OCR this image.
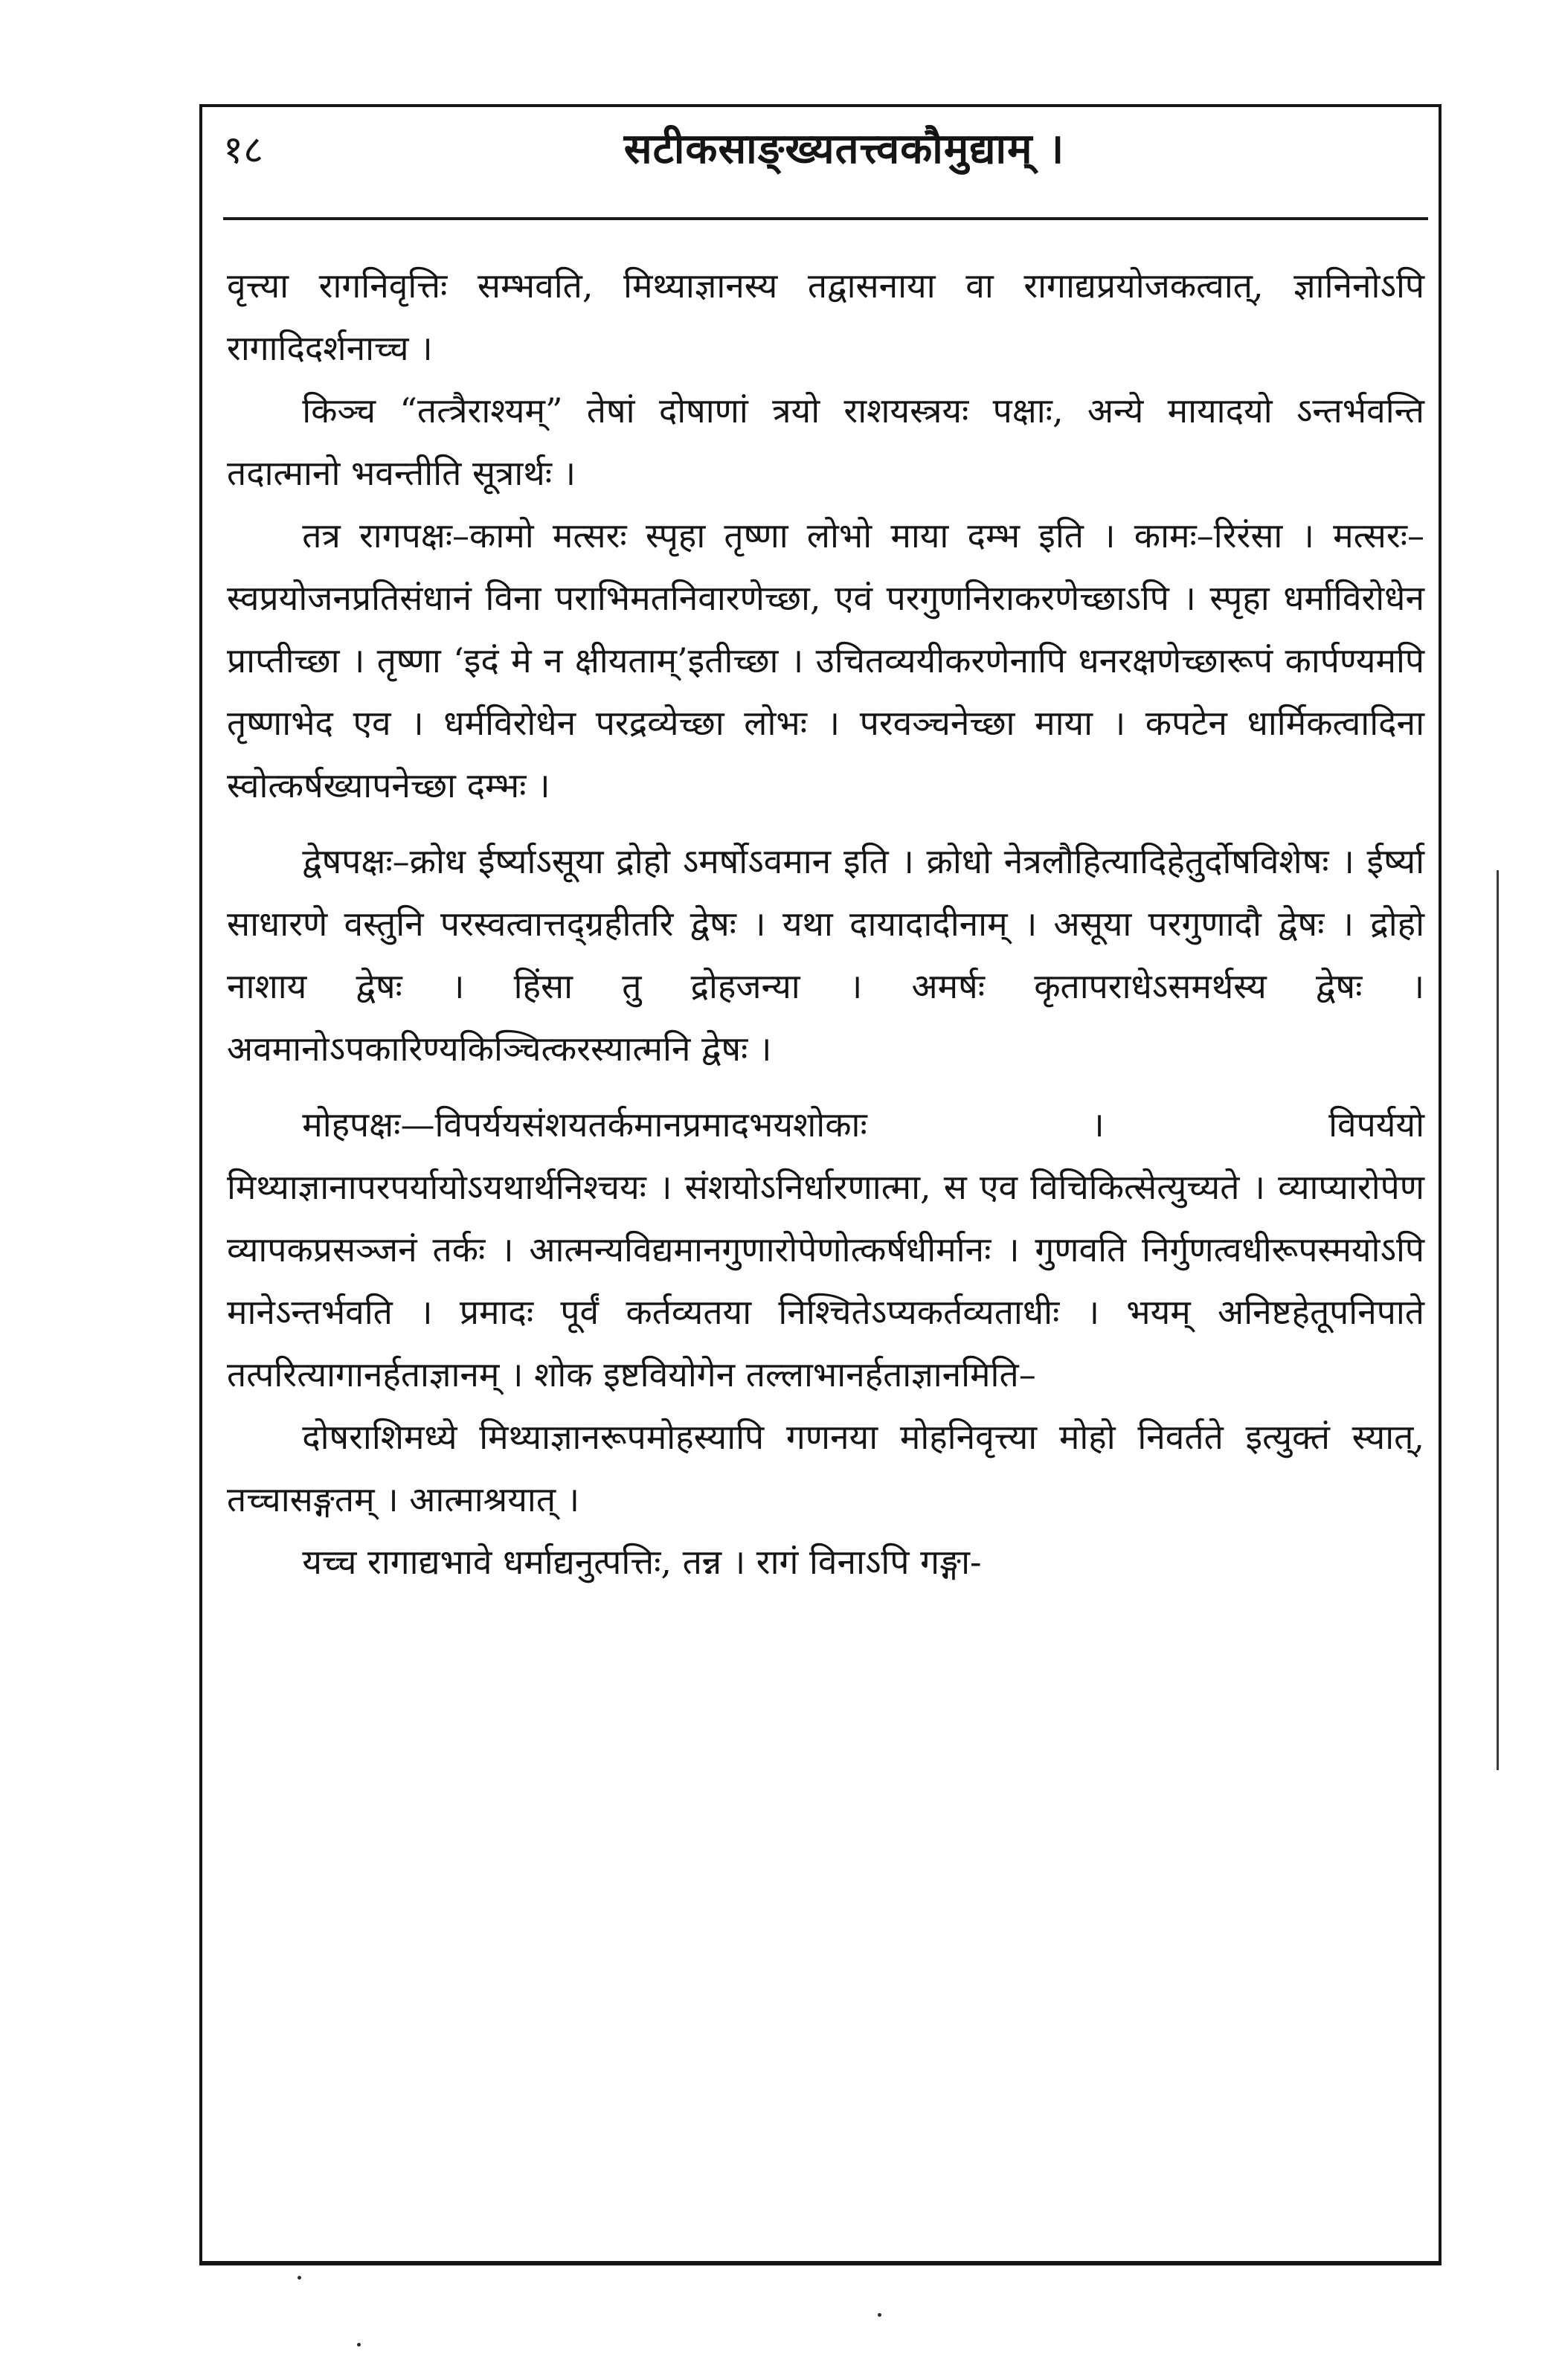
१८	सटीकसाङ्ख्यतत्त्वकौमुद्याम् ।

वृत्त्या रागनिवृत्तिः सम्भवति, मिथ्याज्ञानस्य तद्वासनाया वा रागाद्यप्रयोजकत्वात्, ज्ञानिनोऽपि रागादिदर्शनाच्च ।

किञ्च “तत्त्रैराश्यम्” तेषां दोषाणां त्रयो राशयस्त्रयः पक्षाः, अन्ये मायादयो ऽन्तर्भवन्ति तदात्मानो भवन्तीति सूत्रार्थः ।

तत्र रागपक्षः–कामो मत्सरः स्पृहा तृष्णा लोभो माया दम्भ इति । कामः–रिरंसा । मत्सरः–स्वप्रयोजनप्रतिसंधानं विना पराभिमतनिवारणेच्छा, एवं परगुणनिराकरणेच्छाऽपि । स्पृहा धर्माविरोधेन प्राप्तीच्छा । तृष्णा ‘इदं मे न क्षीयताम्’इतीच्छा । उचितव्ययीकरणेनापि धनरक्षणेच्छारूपं कार्पण्यमपि तृष्णाभेद एव । धर्मविरोधेन परद्रव्येच्छा लोभः । परवञ्चनेच्छा माया । कपटेन धार्मिकत्वादिना स्वोत्कर्षख्यापनेच्छा दम्भः ।

द्वेषपक्षः–क्रोध ईर्ष्याऽसूया द्रोहो ऽमर्षोऽवमान इति । क्रोधो नेत्रलौहित्यादिहेतुर्दोषविशेषः । ईर्ष्या साधारणे वस्तुनि परस्वत्वात्तद्ग्रहीतरि द्वेषः । यथा दायादादीनाम् । असूया परगुणादौ द्वेषः । द्रोहो नाशाय द्वेषः । हिंसा तु द्रोहजन्या । अमर्षः कृतापराधेऽसमर्थस्य द्वेषः । अवमानोऽपकारिण्यकिञ्चित्करस्यात्मनि द्वेषः ।

मोहपक्षः—विपर्ययसंशयतर्कमानप्रमादभयशोकाः । विपर्ययो मिथ्याज्ञानापरपर्यायोऽयथार्थनिश्चयः । संशयोऽनिर्धारणात्मा, स एव विचिकित्सेत्युच्यते । व्याप्यारोपेण व्यापकप्रसञ्जनं तर्कः । आत्मन्यविद्यमानगुणारोपेणोत्कर्षधीर्मानः । गुणवति निर्गुणत्वधीरूपस्मयोऽपि मानेऽन्तर्भवति । प्रमादः पूर्वं कर्तव्यतया निश्चितेऽप्यकर्तव्यताधीः । भयम् अनिष्टहेतूपनिपाते तत्परित्यागानर्हताज्ञानम् । शोक इष्टवियोगेन तल्लाभानर्हताज्ञानमिति–

दोषराशिमध्ये मिथ्याज्ञानरूपमोहस्यापि गणनया मोहनिवृत्त्या मोहो निवर्तते इत्युक्तं स्यात्, तच्चासङ्गतम् । आत्माश्रयात् ।

यच्च रागाद्यभावे धर्माद्यनुत्पत्तिः, तन्न । रागं विनाऽपि गङ्गा-
